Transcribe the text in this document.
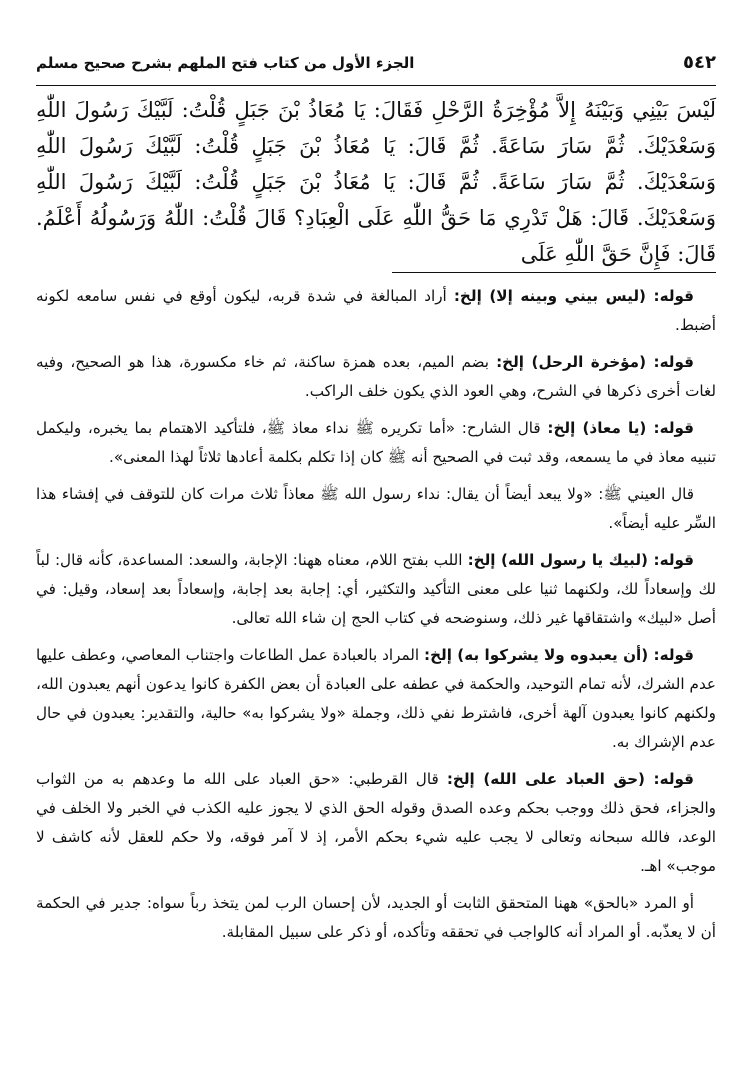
٥٤٢
الجزء الأول من كتاب فتح الملهم بشرح صحيح مسلم
لَيْسَ بَيْنِي وَبَيْنَهُ إِلاَّ مُؤْخِرَةُ الرَّحْلِ فَقَالَ: يَا مُعَاذُ بْنَ جَبَلٍ قُلْتُ: لَبَّيْكَ رَسُولَ اللّٰهِ وَسَعْدَيْكَ. ثُمَّ سَارَ سَاعَةً. ثُمَّ قَالَ: يَا مُعَاذُ بْنَ جَبَلٍ قُلْتُ: لَبَّيْكَ رَسُولَ اللّٰهِ وَسَعْدَيْكَ. ثُمَّ سَارَ سَاعَةً. ثُمَّ قَالَ: يَا مُعَاذُ بْنَ جَبَلٍ قُلْتُ: لَبَّيْكَ رَسُولَ اللّٰهِ وَسَعْدَيْكَ. قَالَ: هَلْ تَدْرِي مَا حَقُّ اللّٰهِ عَلَى الْعِبَادِ؟ قَالَ قُلْتُ: اللّٰهُ وَرَسُولُهُ أَعْلَمُ. قَالَ: فَإِنَّ حَقَّ اللّٰهِ عَلَى

قوله: (ليس بيني وبينه إلا) إلخ: أراد المبالغة في شدة قربه، ليكون أوقع في نفس سامعه لكونه أضبط.

قوله: (مؤخرة الرحل) إلخ: بضم الميم، بعده همزة ساكنة، ثم خاء مكسورة، هذا هو الصحيح، وفيه لغات أخرى ذكرها في الشرح، وهي العود الذي يكون خلف الراكب.

قوله: (يا معاذ) إلخ: قال الشارح: «أما تكريره ﷺ نداء معاذ ﷺ، فلتأكيد الاهتمام بما يخبره، وليكمل تنبيه معاذ في ما يسمعه، وقد ثبت في الصحيح أنه ﷺ كان إذا تكلم بكلمة أعادها ثلاثاً لهذا المعنى».

قال العيني ﷺ: «ولا يبعد أيضاً أن يقال: نداء رسول الله ﷺ معاذاً ثلاث مرات كان للتوقف في إفشاء هذا السِّر عليه أيضاً».

قوله: (لبيك يا رسول الله) إلخ: اللب بفتح اللام، معناه ههنا: الإجابة، والسعد: المساعدة، كأنه قال: لباً لك وإسعاداً لك، ولكنهما ثنيا على معنى التأكيد والتكثير، أي: إجابة بعد إجابة، وإسعاداً بعد إسعاد، وقيل: في أصل «لبيك» واشتقاقها غير ذلك، وسنوضحه في كتاب الحج إن شاء الله تعالى.

قوله: (أن يعبدوه ولا يشركوا به) إلخ: المراد بالعبادة عمل الطاعات واجتناب المعاصي، وعطف عليها عدم الشرك، لأنه تمام التوحيد، والحكمة في عطفه على العبادة أن بعض الكفرة كانوا يدعون أنهم يعبدون الله، ولكنهم كانوا يعبدون آلهة أخرى، فاشترط نفي ذلك، وجملة «ولا يشركوا به» حالية، والتقدير: يعبدون في حال عدم الإشراك به.

قوله: (حق العباد على الله) إلخ: قال القرطبي: «حق العباد على الله ما وعدهم به من الثواب والجزاء، فحق ذلك ووجب بحكم وعده الصدق وقوله الحق الذي لا يجوز عليه الكذب في الخبر ولا الخلف في الوعد، فالله سبحانه وتعالى لا يجب عليه شيء بحكم الأمر، إذ لا آمر فوقه، ولا حكم للعقل لأنه كاشف لا موجب» اهـ.

أو المرد «بالحق» ههنا المتحقق الثابت أو الجديد، لأن إحسان الرب لمن يتخذ رباً سواه: جدير في الحكمة أن لا يعذّبه. أو المراد أنه كالواجب في تحققه وتأكده، أو ذكر على سبيل المقابلة.
